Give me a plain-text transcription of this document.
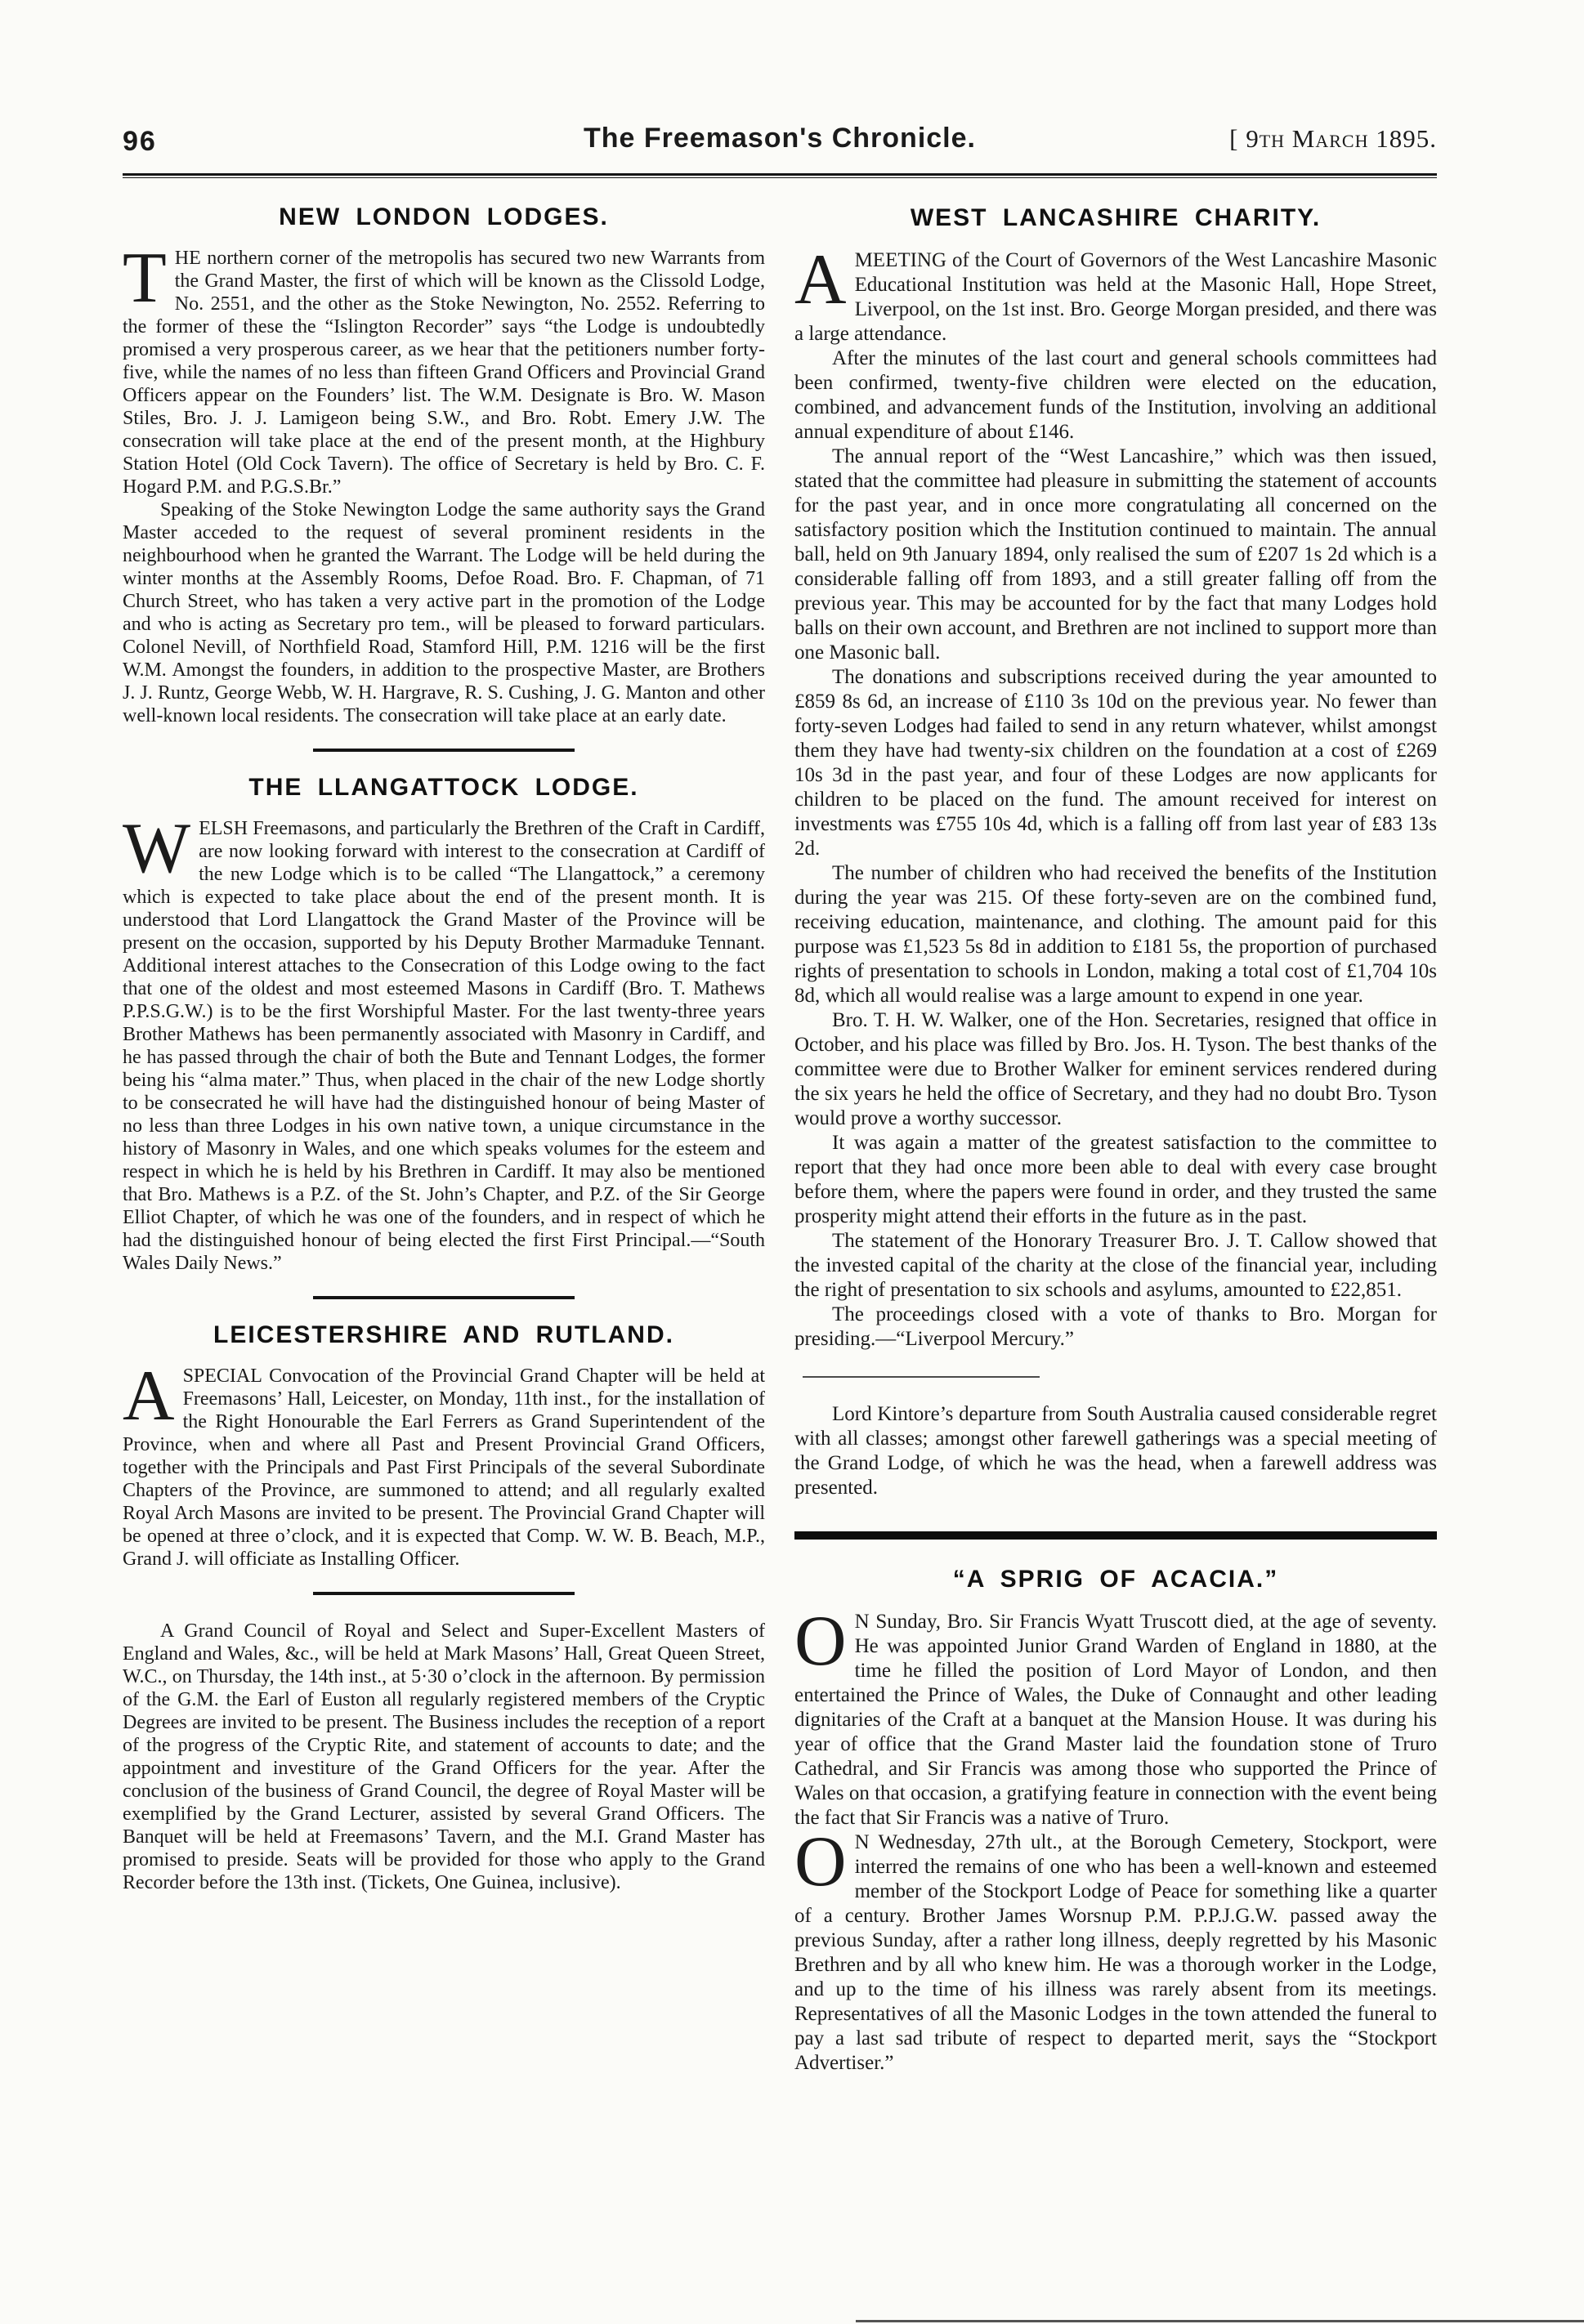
96	The Freemason's Chronicle.	[ 9th March 1895.
NEW LONDON LODGES.

THE northern corner of the metropolis has secured two new Warrants from the Grand Master, the first of which will be known as the Clissold Lodge, No. 2551, and the other as the Stoke Newington, No. 2552. Referring to the former of these the “Islington Recorder” says “the Lodge is undoubtedly promised a very prosperous career, as we hear that the petitioners number forty-five, while the names of no less than fifteen Grand Officers and Provincial Grand Officers appear on the Founders’ list. The W.M. Designate is Bro. W. Mason Stiles, Bro. J. J. Lamigeon being S.W., and Bro. Robt. Emery J.W. The consecration will take place at the end of the present month, at the Highbury Station Hotel (Old Cock Tavern). The office of Secretary is held by Bro. C. F. Hogard P.M. and P.G.S.Br.”

Speaking of the Stoke Newington Lodge the same authority says the Grand Master acceded to the request of several prominent residents in the neighbourhood when he granted the Warrant. The Lodge will be held during the winter months at the Assembly Rooms, Defoe Road. Bro. F. Chapman, of 71 Church Street, who has taken a very active part in the promotion of the Lodge and who is acting as Secretary pro tem., will be pleased to forward particulars. Colonel Nevill, of Northfield Road, Stamford Hill, P.M. 1216 will be the first W.M. Amongst the founders, in addition to the prospective Master, are Brothers J. J. Runtz, George Webb, W. H. Hargrave, R. S. Cushing, J. G. Manton and other well-known local residents. The consecration will take place at an early date.

THE LLANGATTOCK LODGE.

WELSH Freemasons, and particularly the Brethren of the Craft in Cardiff, are now looking forward with interest to the consecration at Cardiff of the new Lodge which is to be called “The Llangattock,” a ceremony which is expected to take place about the end of the present month. It is understood that Lord Llangattock the Grand Master of the Province will be present on the occasion, supported by his Deputy Brother Marmaduke Tennant. Additional interest attaches to the Consecration of this Lodge owing to the fact that one of the oldest and most esteemed Masons in Cardiff (Bro. T. Mathews P.P.S.G.W.) is to be the first Worshipful Master. For the last twenty-three years Brother Mathews has been permanently associated with Masonry in Cardiff, and he has passed through the chair of both the Bute and Tennant Lodges, the former being his “alma mater.” Thus, when placed in the chair of the new Lodge shortly to be consecrated he will have had the distinguished honour of being Master of no less than three Lodges in his own native town, a unique circumstance in the history of Masonry in Wales, and one which speaks volumes for the esteem and respect in which he is held by his Brethren in Cardiff. It may also be mentioned that Bro. Mathews is a P.Z. of the St. John’s Chapter, and P.Z. of the Sir George Elliot Chapter, of which he was one of the founders, and in respect of which he had the distinguished honour of being elected the first First Principal.—“South Wales Daily News.”

LEICESTERSHIRE AND RUTLAND.

ASPECIAL Convocation of the Provincial Grand Chapter will be held at Freemasons’ Hall, Leicester, on Monday, 11th inst., for the installation of the Right Honourable the Earl Ferrers as Grand Superintendent of the Province, when and where all Past and Present Provincial Grand Officers, together with the Principals and Past First Principals of the several Subordinate Chapters of the Province, are summoned to attend; and all regularly exalted Royal Arch Masons are invited to be present. The Provincial Grand Chapter will be opened at three o’clock, and it is expected that Comp. W. W. B. Beach, M.P., Grand J. will officiate as Installing Officer.

A Grand Council of Royal and Select and Super-Excellent Masters of England and Wales, &c., will be held at Mark Masons’ Hall, Great Queen Street, W.C., on Thursday, the 14th inst., at 5·30 o’clock in the afternoon. By permission of the G.M. the Earl of Euston all regularly registered members of the Cryptic Degrees are invited to be present. The Business includes the reception of a report of the progress of the Cryptic Rite, and statement of accounts to date; and the appointment and investiture of the Grand Officers for the year. After the conclusion of the business of Grand Council, the degree of Royal Master will be exemplified by the Grand Lecturer, assisted by several Grand Officers. The Banquet will be held at Freemasons’ Tavern, and the M.I. Grand Master has promised to preside. Seats will be provided for those who apply to the Grand Recorder before the 13th inst. (Tickets, One Guinea, inclusive).

WEST LANCASHIRE CHARITY.

AMEETING of the Court of Governors of the West Lancashire Masonic Educational Institution was held at the Masonic Hall, Hope Street, Liverpool, on the 1st inst. Bro. George Morgan presided, and there was a large attendance.

After the minutes of the last court and general schools committees had been confirmed, twenty-five children were elected on the education, combined, and advancement funds of the Institution, involving an additional annual expenditure of about £146.

The annual report of the “West Lancashire,” which was then issued, stated that the committee had pleasure in submitting the statement of accounts for the past year, and in once more congratulating all concerned on the satisfactory position which the Institution continued to maintain. The annual ball, held on 9th January 1894, only realised the sum of £207 1s 2d which is a considerable falling off from 1893, and a still greater falling off from the previous year. This may be accounted for by the fact that many Lodges hold balls on their own account, and Brethren are not inclined to support more than one Masonic ball.

The donations and subscriptions received during the year amounted to £859 8s 6d, an increase of £110 3s 10d on the previous year. No fewer than forty-seven Lodges had failed to send in any return whatever, whilst amongst them they have had twenty-six children on the foundation at a cost of £269 10s 3d in the past year, and four of these Lodges are now applicants for children to be placed on the fund. The amount received for interest on investments was £755 10s 4d, which is a falling off from last year of £83 13s 2d.

The number of children who had received the benefits of the Institution during the year was 215. Of these forty-seven are on the combined fund, receiving education, maintenance, and clothing. The amount paid for this purpose was £1,523 5s 8d in addition to £181 5s, the proportion of purchased rights of presentation to schools in London, making a total cost of £1,704 10s 8d, which all would realise was a large amount to expend in one year.

Bro. T. H. W. Walker, one of the Hon. Secretaries, resigned that office in October, and his place was filled by Bro. Jos. H. Tyson. The best thanks of the committee were due to Brother Walker for eminent services rendered during the six years he held the office of Secretary, and they had no doubt Bro. Tyson would prove a worthy successor.

It was again a matter of the greatest satisfaction to the committee to report that they had once more been able to deal with every case brought before them, where the papers were found in order, and they trusted the same prosperity might attend their efforts in the future as in the past.

The statement of the Honorary Treasurer Bro. J. T. Callow showed that the invested capital of the charity at the close of the financial year, including the right of presentation to six schools and asylums, amounted to £22,851.

The proceedings closed with a vote of thanks to Bro. Morgan for presiding.—“Liverpool Mercury.”

Lord Kintore’s departure from South Australia caused considerable regret with all classes; amongst other farewell gatherings was a special meeting of the Grand Lodge, of which he was the head, when a farewell address was presented.

“A SPRIG OF ACACIA.”

O N Sunday, Bro. Sir Francis Wyatt Truscott died, at the age of seventy. He was appointed Junior Grand Warden of England in 1880, at the time he filled the position of Lord Mayor of London, and then entertained the Prince of Wales, the Duke of Connaught and other leading dignitaries of the Craft at a banquet at the Mansion House. It was during his year of office that the Grand Master laid the foundation stone of Truro Cathedral, and Sir Francis was among those who supported the Prince of Wales on that occasion, a gratifying feature in connection with the event being the fact that Sir Francis was a native of Truro.

O N Wednesday, 27th ult., at the Borough Cemetery, Stockport, were interred the remains of one who has been a well-known and esteemed member of the Stockport Lodge of Peace for something like a quarter of a century. Brother James Worsnup P.M. P.P.J.G.W. passed away the previous Sunday, after a rather long illness, deeply regretted by his Masonic Brethren and by all who knew him. He was a thorough worker in the Lodge, and up to the time of his illness was rarely absent from its meetings. Representatives of all the Masonic Lodges in the town attended the funeral to pay a last sad tribute of respect to departed merit, says the “Stockport Advertiser.”
